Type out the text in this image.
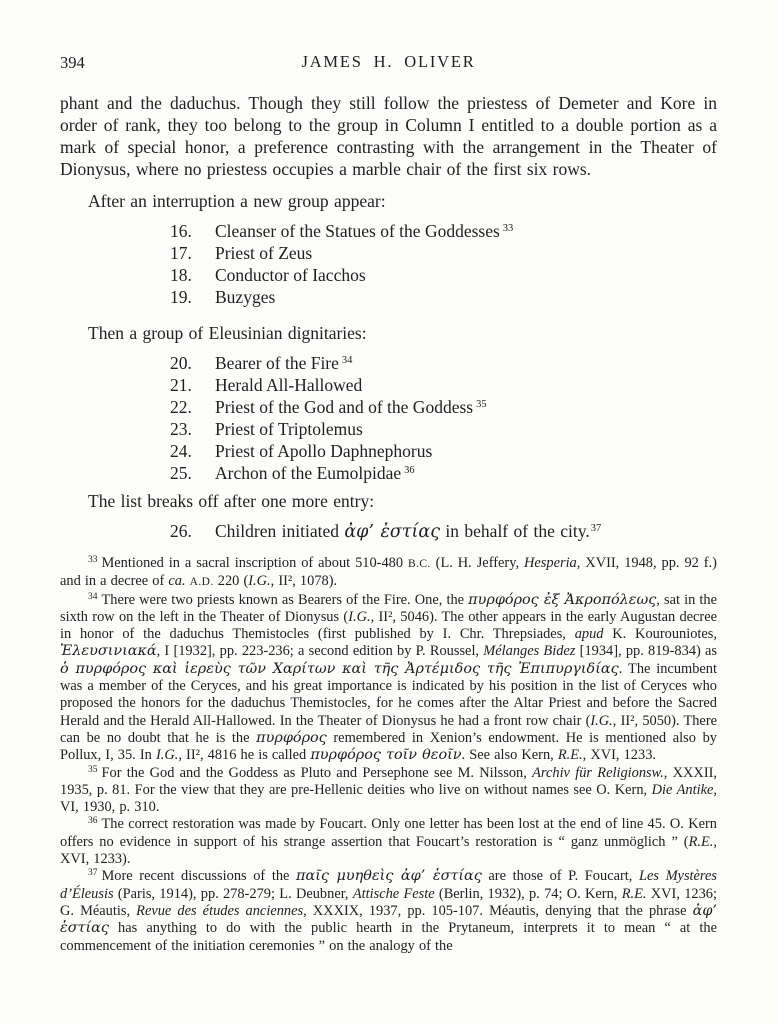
394	JAMES H. OLIVER

phant and the daduchus. Though they still follow the priestess of Demeter and Kore in order of rank, they too belong to the group in Column I entitled to a double portion as a mark of special honor, a preference contrasting with the arrangement in the Theater of Dionysus, where no priestess occupies a marble chair of the first six rows.

After an interruption a new group appear:

16. Cleanser of the Statues of the Goddesses $^{33}$
17. Priest of Zeus
18. Conductor of Iacchos
19. Buzyges

Then a group of Eleusinian dignitaries:

20. Bearer of the Fire $^{34}$
21. Herald All-Hallowed
22. Priest of the God and of the Goddess $^{35}$
23. Priest of Triptolemus
24. Priest of Apollo Daphnephorus
25. Archon of the Eumolpidae $^{36}$

The list breaks off after one more entry:

26. Children initiated ἀφ’ ἑστίας in behalf of the city.$^{37}$

$^{33}$ Mentioned in a sacral inscription of about 510-480 B.C. (L. H. Jeffery, Hesperia, XVII, 1948, pp. 92 f.) and in a decree of ca. A.D. 220 (I.G., II², 1078).

$^{34}$ There were two priests known as Bearers of the Fire. One, the πυρφόρος ἐξ Ἀκροπόλεως, sat in the sixth row on the left in the Theater of Dionysus (I.G., II², 5046). The other appears in the early Augustan decree in honor of the daduchus Themistocles (first published by I. Chr. Threpsiades, apud K. Kourouniotes, Ἐλευσινιακά, I [1932], pp. 223-236; a second edition by P. Roussel, Mélanges Bidez [1934], pp. 819-834) as ὁ πυρφόρος καὶ ἱερεὺς τῶν Χαρίτων καὶ τῆς Ἀρτέμιδος τῆς Ἐπιπυργιδίας. The incumbent was a member of the Ceryces, and his great importance is indicated by his position in the list of Ceryces who proposed the honors for the daduchus Themistocles, for he comes after the Altar Priest and before the Sacred Herald and the Herald All-Hallowed. In the Theater of Dionysus he had a front row chair (I.G., II², 5050). There can be no doubt that he is the πυρφόρος remembered in Xenion’s endowment. He is mentioned also by Pollux, I, 35. In I.G., II², 4816 he is called πυρφόρος τοῖν θεοῖν. See also Kern, R.E., XVI, 1233.

$^{35}$ For the God and the Goddess as Pluto and Persephone see M. Nilsson, Archiv für Religionsw., XXXII, 1935, p. 81. For the view that they are pre-Hellenic deities who live on without names see O. Kern, Die Antike, VI, 1930, p. 310.

$^{36}$ The correct restoration was made by Foucart. Only one letter has been lost at the end of line 45. O. Kern offers no evidence in support of his strange assertion that Foucart’s restoration is “ ganz unmöglich ” (R.E., XVI, 1233).

$^{37}$ More recent discussions of the παῖς μυηθεὶς ἀφ’ ἑστίας are those of P. Foucart, Les Mystères d’Éleusis (Paris, 1914), pp. 278-279; L. Deubner, Attische Feste (Berlin, 1932), p. 74; O. Kern, R.E. XVI, 1236; G. Méautis, Revue des études anciennes, XXXIX, 1937, pp. 105-107. Méautis, denying that the phrase ἀφ’ ἑστίας has anything to do with the public hearth in the Prytaneum, interprets it to mean “ at the commencement of the initiation ceremonies ” on the analogy of the
